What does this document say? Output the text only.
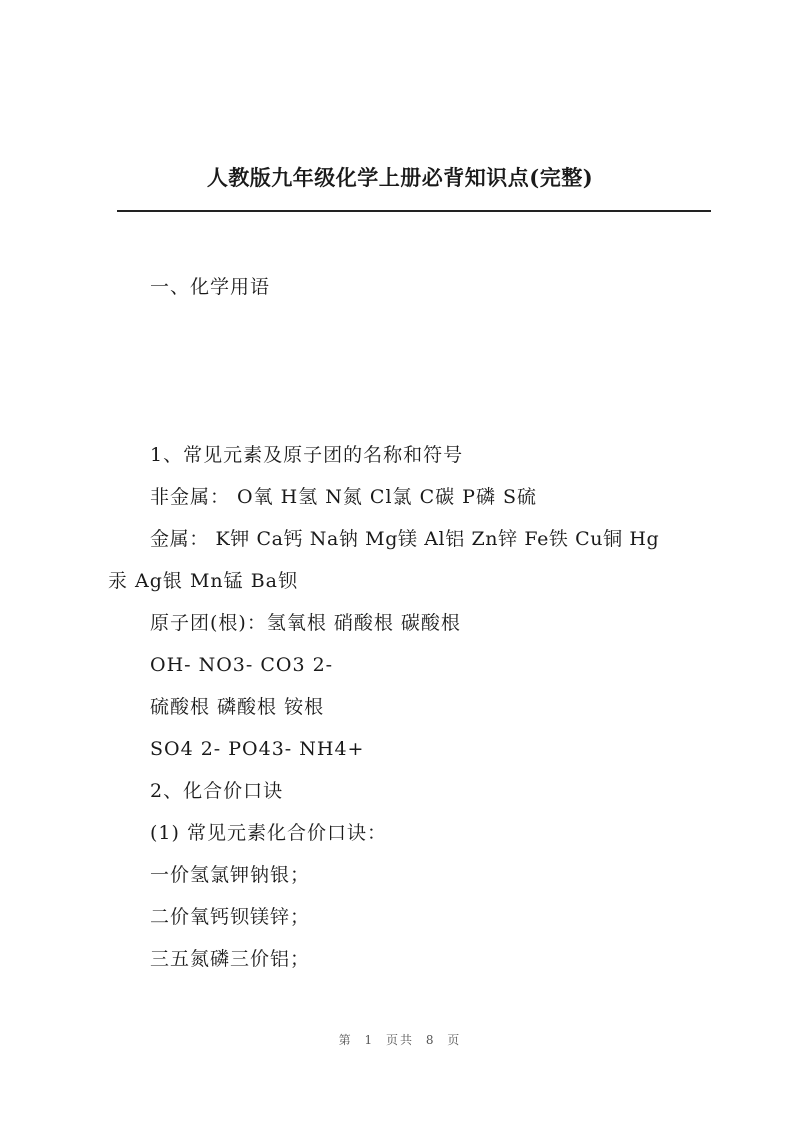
人教版九年级化学上册必背知识点(完整)
一、化学用语
1、常见元素及原子团的名称和符号
非金属： O氧 H氢 N氮 Cl氯 C碳 P磷 S硫
金属： K钾 Ca钙 Na钠 Mg镁 Al铝 Zn锌 Fe铁 Cu铜 Hg
汞 Ag银 Mn锰 Ba钡
原子团(根)：氢氧根 硝酸根 碳酸根
OH- NO3- CO3 2-
硫酸根 磷酸根 铵根
SO4 2- PO43- NH4+
2、化合价口诀
(1) 常见元素化合价口诀：
一价氢氯钾钠银；
二价氧钙钡镁锌；
三五氮磷三价铝；
第 1 页共 8 页
